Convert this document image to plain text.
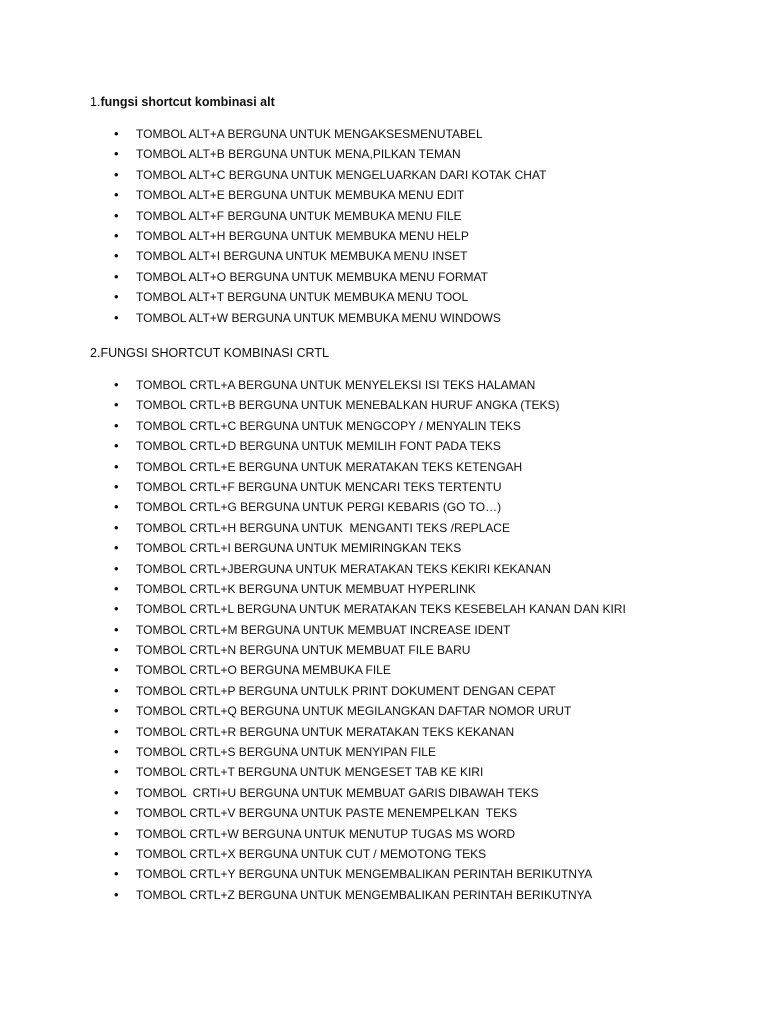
1.fungsi shortcut kombinasi alt
• TOMBOL ALT+A BERGUNA UNTUK MENGAKSESMENUTABEL
• TOMBOL ALT+B BERGUNA UNTUK MENA,PILKAN TEMAN
• TOMBOL ALT+C BERGUNA UNTUK MENGELUARKAN DARI KOTAK CHAT
• TOMBOL ALT+E BERGUNA UNTUK MEMBUKA MENU EDIT
• TOMBOL ALT+F BERGUNA UNTUK MEMBUKA MENU FILE
• TOMBOL ALT+H BERGUNA UNTUK MEMBUKA MENU HELP
• TOMBOL ALT+I BERGUNA UNTUK MEMBUKA MENU INSET
• TOMBOL ALT+O BERGUNA UNTUK MEMBUKA MENU FORMAT
• TOMBOL ALT+T BERGUNA UNTUK MEMBUKA MENU TOOL
• TOMBOL ALT+W BERGUNA UNTUK MEMBUKA MENU WINDOWS
2.FUNGSI SHORTCUT KOMBINASI CRTL
• TOMBOL CRTL+A BERGUNA UNTUK MENYELEKSI ISI TEKS HALAMAN
• TOMBOL CRTL+B BERGUNA UNTUK MENEBALKAN HURUF ANGKA (TEKS)
• TOMBOL CRTL+C BERGUNA UNTUK MENGCOPY / MENYALIN TEKS
• TOMBOL CRTL+D BERGUNA UNTUK MEMILIH FONT PADA TEKS
• TOMBOL CRTL+E BERGUNA UNTUK MERATAKAN TEKS KETENGAH
• TOMBOL CRTL+F BERGUNA UNTUK MENCARI TEKS TERTENTU
• TOMBOL CRTL+G BERGUNA UNTUK PERGI KEBARIS (GO TO…)
• TOMBOL CRTL+H BERGUNA UNTUK  MENGANTI TEKS /REPLACE
• TOMBOL CRTL+I BERGUNA UNTUK MEMIRINGKAN TEKS
• TOMBOL CRTL+JBERGUNA UNTUK MERATAKAN TEKS KEKIRI KEKANAN
• TOMBOL CRTL+K BERGUNA UNTUK MEMBUAT HYPERLINK
• TOMBOL CRTL+L BERGUNA UNTUK MERATAKAN TEKS KESEBELAH KANAN DAN KIRI
• TOMBOL CRTL+M BERGUNA UNTUK MEMBUAT INCREASE IDENT
• TOMBOL CRTL+N BERGUNA UNTUK MEMBUAT FILE BARU
• TOMBOL CRTL+O BERGUNA MEMBUKA FILE
• TOMBOL CRTL+P BERGUNA UNTULK PRINT DOKUMENT DENGAN CEPAT
• TOMBOL CRTL+Q BERGUNA UNTUK MEGILANGKAN DAFTAR NOMOR URUT
• TOMBOL CRTL+R BERGUNA UNTUK MERATAKAN TEKS KEKANAN
• TOMBOL CRTL+S BERGUNA UNTUK MENYIPAN FILE
• TOMBOL CRTL+T BERGUNA UNTUK MENGESET TAB KE KIRI
• TOMBOL  CRTI+U BERGUNA UNTUK MEMBUAT GARIS DIBAWAH TEKS
• TOMBOL CRTL+V BERGUNA UNTUK PASTE MENEMPELKAN  TEKS
• TOMBOL CRTL+W BERGUNA UNTUK MENUTUP TUGAS MS WORD
• TOMBOL CRTL+X BERGUNA UNTUK CUT / MEMOTONG TEKS
• TOMBOL CRTL+Y BERGUNA UNTUK MENGEMBALIKAN PERINTAH BERIKUTNYA
• TOMBOL CRTL+Z BERGUNA UNTUK MENGEMBALIKAN PERINTAH BERIKUTNYA
